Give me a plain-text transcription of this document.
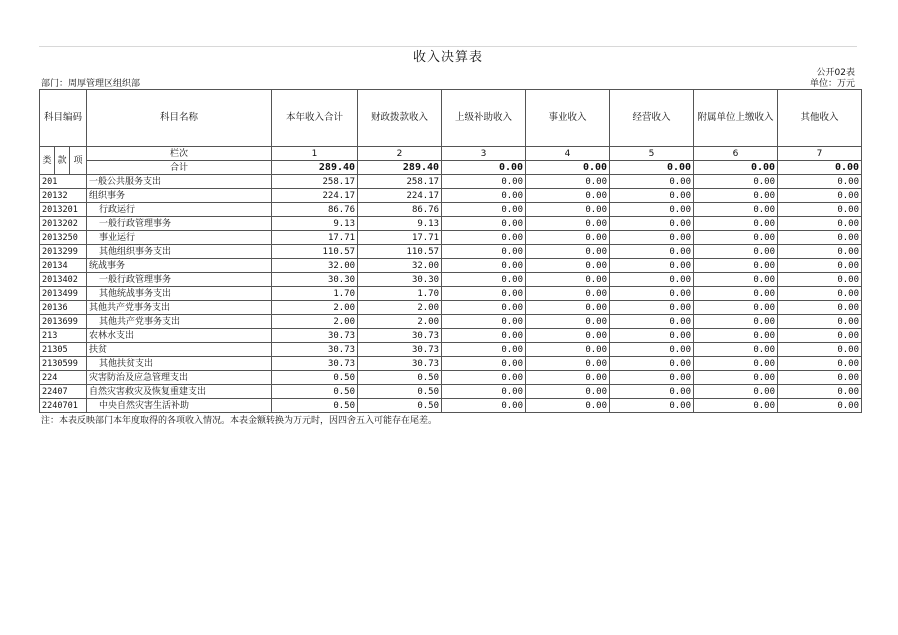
收入决算表
公开02表
部门：周厚管理区组织部	单位：万元
科目编码			科目名称	本年收入合计	财政拨款收入	上级补助收入	事业收入	经营收入	附属单位上缴收入	其他收入
类	款	项	栏次	1	2	3	4	5	6	7
			合计	289.40	289.40	0.00	0.00	0.00	0.00	0.00
201			一般公共服务支出	258.17	258.17	0.00	0.00	0.00	0.00	0.00
20132			组织事务	224.17	224.17	0.00	0.00	0.00	0.00	0.00
2013201			行政运行	86.76	86.76	0.00	0.00	0.00	0.00	0.00
2013202			一般行政管理事务	9.13	9.13	0.00	0.00	0.00	0.00	0.00
2013250			事业运行	17.71	17.71	0.00	0.00	0.00	0.00	0.00
2013299			其他组织事务支出	110.57	110.57	0.00	0.00	0.00	0.00	0.00
20134			统战事务	32.00	32.00	0.00	0.00	0.00	0.00	0.00
2013402			一般行政管理事务	30.30	30.30	0.00	0.00	0.00	0.00	0.00
2013499			其他统战事务支出	1.70	1.70	0.00	0.00	0.00	0.00	0.00
20136			其他共产党事务支出	2.00	2.00	0.00	0.00	0.00	0.00	0.00
2013699			其他共产党事务支出	2.00	2.00	0.00	0.00	0.00	0.00	0.00
213			农林水支出	30.73	30.73	0.00	0.00	0.00	0.00	0.00
21305			扶贫	30.73	30.73	0.00	0.00	0.00	0.00	0.00
2130599			其他扶贫支出	30.73	30.73	0.00	0.00	0.00	0.00	0.00
224			灾害防治及应急管理支出	0.50	0.50	0.00	0.00	0.00	0.00	0.00
22407			自然灾害救灾及恢复重建支出	0.50	0.50	0.00	0.00	0.00	0.00	0.00
2240701			中央自然灾害生活补助	0.50	0.50	0.00	0.00	0.00	0.00	0.00
注：本表反映部门本年度取得的各项收入情况。本表金额转换为万元时，因四舍五入可能存在尾差。
